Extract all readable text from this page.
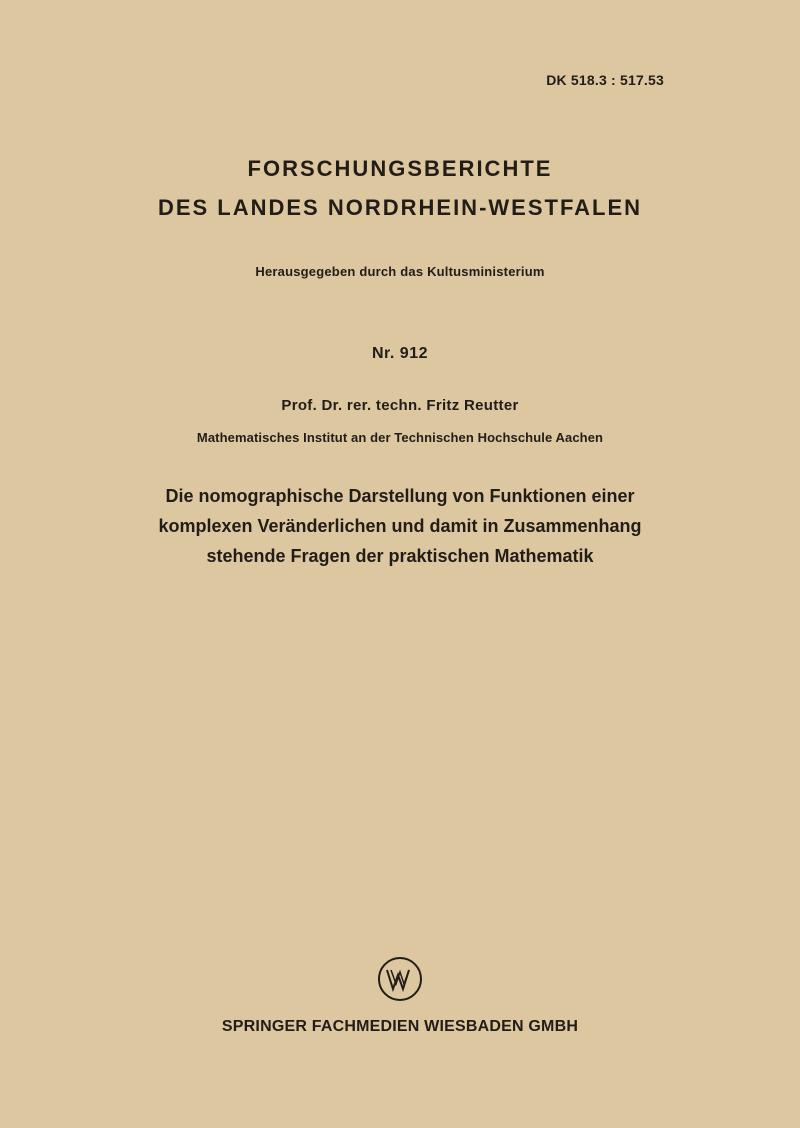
DK 518.3 : 517.53
FORSCHUNGSBERICHTE
DES LANDES NORDRHEIN-WESTFALEN
Herausgegeben durch das Kultusministerium
Nr. 912
Prof. Dr. rer. techn. Fritz Reutter
Mathematisches Institut an der Technischen Hochschule Aachen
Die nomographische Darstellung von Funktionen einer
komplexen Veränderlichen und damit in Zusammenhang
stehende Fragen der praktischen Mathematik
SPRINGER FACHMEDIEN WIESBADEN GMBH
